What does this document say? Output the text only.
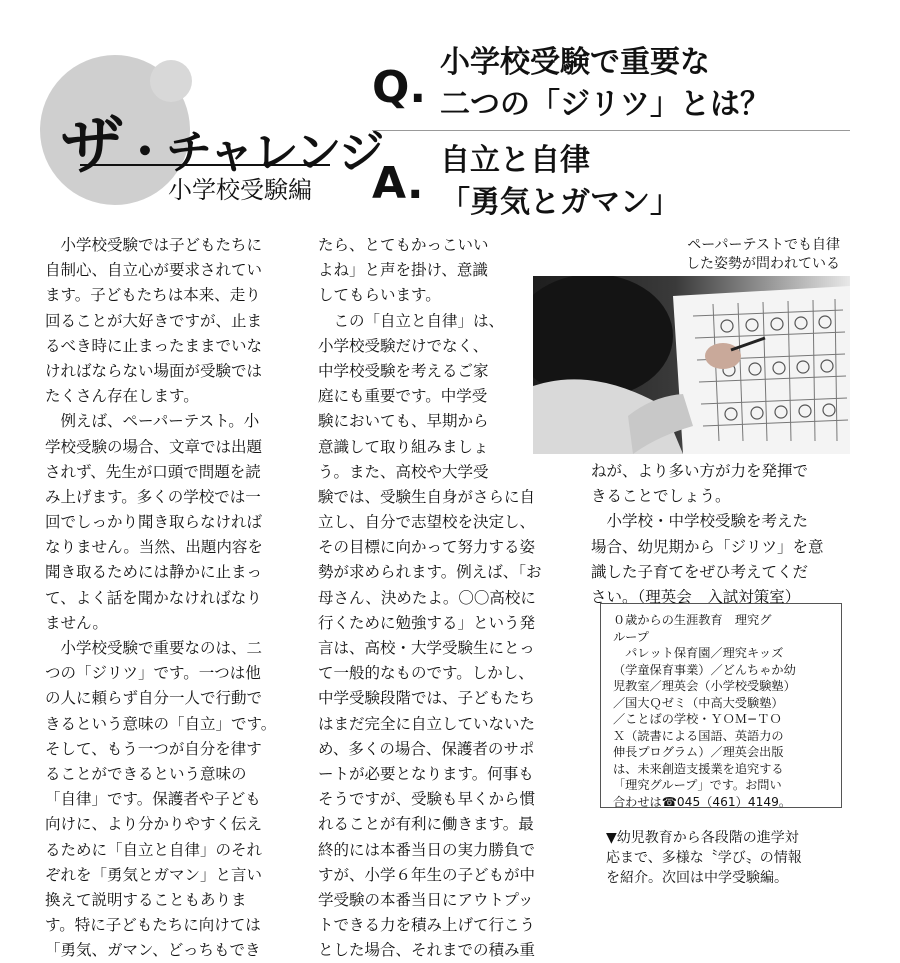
ザ・チャレンジ
小学校受験編
Q. 小学校受験で重要な
二つの「ジリツ」とは？
A. 自立と自律
「勇気とガマン」
　小学校受験では子どもたちに
自制心、自立心が要求されてい
ます。子どもたちは本来、走り
回ることが大好きですが、止ま
るべき時に止まったままでいな
ければならない場面が受験では
たくさん存在します。
　例えば、ペーパーテスト。小
学校受験の場合、文章では出題
されず、先生が口頭で問題を読
み上げます。多くの学校では一
回でしっかり聞き取らなければ
なりません。当然、出題内容を
聞き取るためには静かに止まっ
て、よく話を聞かなければなり
ません。
　小学校受験で重要なのは、二
つの「ジリツ」です。一つは他
の人に頼らず自分一人で行動で
きるという意味の「自立」です。
そして、もう一つが自分を律す
ることができるという意味の
「自律」です。保護者や子ども
向けに、より分かりやすく伝え
るために「自立と自律」のそれ
ぞれを「勇気とガマン」と言い
換えて説明することもありま
す。特に子どもたちに向けては
「勇気、ガマン、どっちもでき
たら、とてもかっこいい
よね」と声を掛け、意識
してもらいます。
　この「自立と自律」は、
小学校受験だけでなく、
中学校受験を考えるご家
庭にも重要です。中学受
験においても、早期から
意識して取り組みましょ
う。また、高校や大学受
験では、受験生自身がさらに自
立し、自分で志望校を決定し、
その目標に向かって努力する姿
勢が求められます。例えば、「お
母さん、決めたよ。〇〇高校に
行くために勉強する」という発
言は、高校・大学受験生にとっ
て一般的なものです。しかし、
中学受験段階では、子どもたち
はまだ完全に自立していないた
め、多くの場合、保護者のサポ
ートが必要となります。何事も
そうですが、受験も早くから慣
れることが有利に働きます。最
終的には本番当日の実力勝負で
すが、小学６年生の子どもが中
学受験の本番当日にアウトプッ
トできる力を積み上げて行こう
とした場合、それまでの積み重
ペーパーテストでも自律
した姿勢が問われている
ねが、より多い方が力を発揮で
きることでしょう。
　小学校・中学校受験を考えた
場合、幼児期から「ジリツ」を意
識した子育てをぜひ考えてくだ
さい。（理英会　入試対策室）
０歳からの生涯教育　理究グ
ループ
　パレット保育園／理究キッズ
（学童保育事業）／どんちゃか幼
児教室／理英会（小学校受験塾）
／国大Ｑゼミ（中高大受験塾）
／ことばの学校・ＹＯＭ−ＴＯ
Ｘ（読書による国語、英語力の
伸長プログラム）／理英会出版
は、未来創造支援業を追究する
「理究グループ」です。お問い
合わせは☎045（461）4149。
▼幼児教育から各段階の進学対
応まで、多様な〝学び〟の情報
を紹介。次回は中学受験編。
